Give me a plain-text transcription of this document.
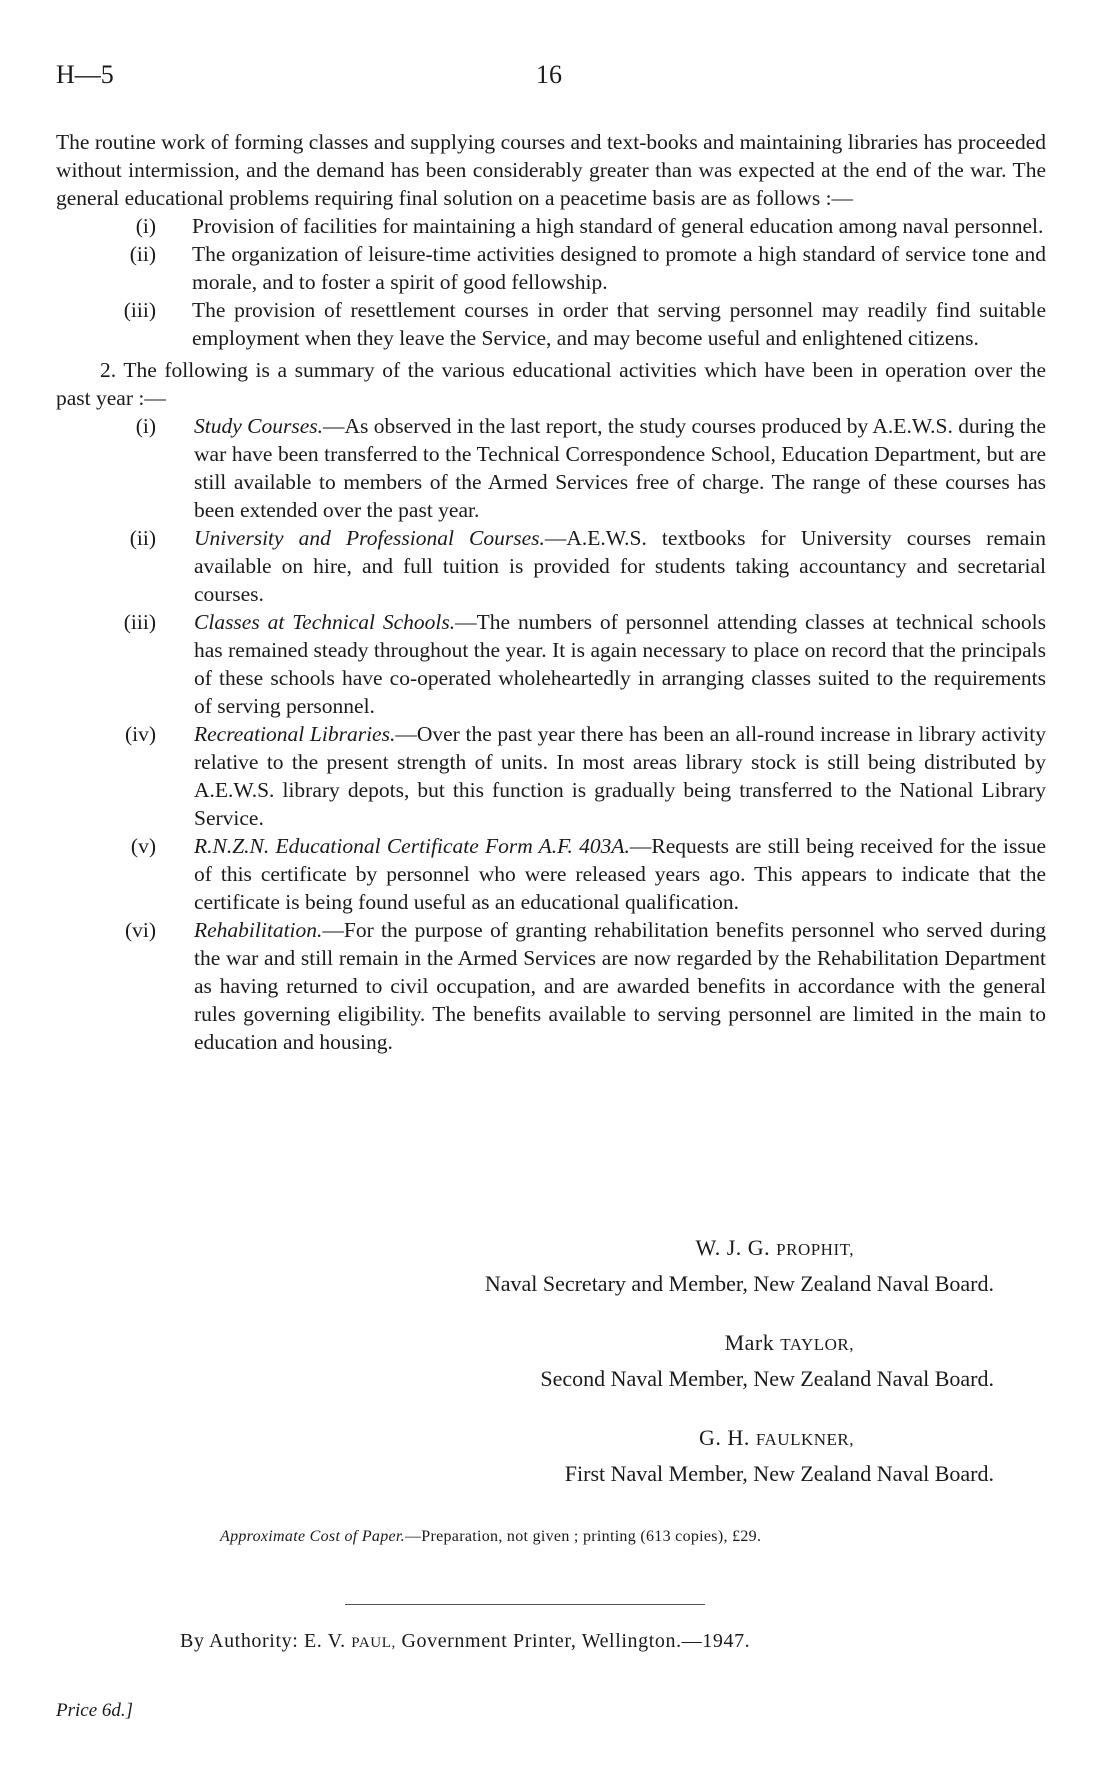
H—5	16

The routine work of forming classes and supplying courses and text-books and maintaining libraries has proceeded without intermission, and the demand has been considerably greater than was expected at the end of the war. The general educational problems requiring final solution on a peacetime basis are as follows :—

(i) Provision of facilities for maintaining a high standard of general education among naval personnel.
(ii) The organization of leisure-time activities designed to promote a high standard of service tone and morale, and to foster a spirit of good fellowship.
(iii) The provision of resettlement courses in order that serving personnel may readily find suitable employment when they leave the Service, and may become useful and enlightened citizens.

2. The following is a summary of the various educational activities which have been in operation over the past year :—

(i) Study Courses.—As observed in the last report, the study courses produced by A.E.W.S. during the war have been transferred to the Technical Correspondence School, Education Department, but are still available to members of the Armed Services free of charge. The range of these courses has been extended over the past year.
(ii) University and Professional Courses.—A.E.W.S. textbooks for University courses remain available on hire, and full tuition is provided for students taking accountancy and secretarial courses.
(iii) Classes at Technical Schools.—The numbers of personnel attending classes at technical schools has remained steady throughout the year. It is again necessary to place on record that the principals of these schools have co-operated wholeheartedly in arranging classes suited to the requirements of serving personnel.
(iv) Recreational Libraries.—Over the past year there has been an all-round increase in library activity relative to the present strength of units. In most areas library stock is still being distributed by A.E.W.S. library depots, but this function is gradually being transferred to the National Library Service.
(v) R.N.Z.N. Educational Certificate Form A.F. 403A.—Requests are still being received for the issue of this certificate by personnel who were released years ago. This appears to indicate that the certificate is being found useful as an educational qualification.
(vi) Rehabilitation.—For the purpose of granting rehabilitation benefits personnel who served during the war and still remain in the Armed Services are now regarded by the Rehabilitation Department as having returned to civil occupation, and are awarded benefits in accordance with the general rules governing eligibility. The benefits available to serving personnel are limited in the main to education and housing.
W. J. G. PROPHIT,
Naval Secretary and Member, New Zealand Naval Board.
Mark TAYLOR,
Second Naval Member, New Zealand Naval Board.
G. H. FAULKNER,
First Naval Member, New Zealand Naval Board.
Approximate Cost of Paper.—Preparation, not given ; printing (613 copies), £29.
By Authority: E. V. PAUL, Government Printer, Wellington.—1947.
Price 6d.]
